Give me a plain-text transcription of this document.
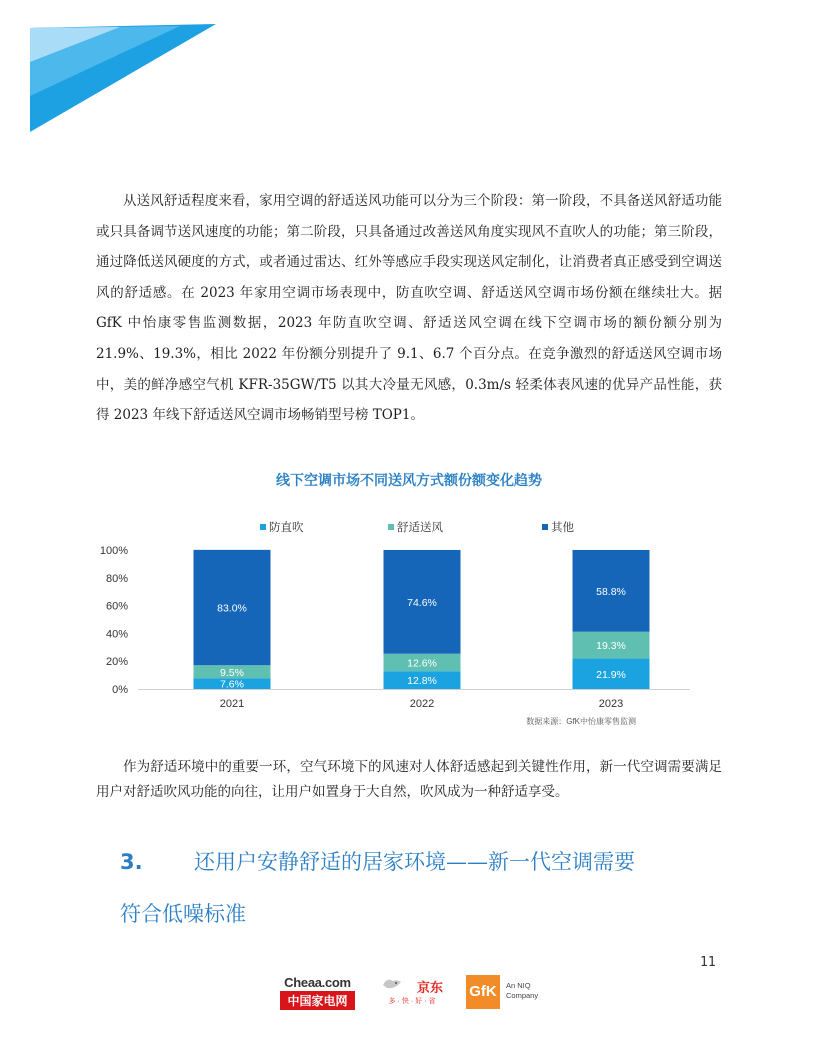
从送风舒适程度来看，家用空调的舒适送风功能可以分为三个阶段：第一阶段，不具备送风舒适功能或只具备调节送风速度的功能；第二阶段，只具备通过改善送风角度实现风不直吹人的功能；第三阶段，通过降低送风硬度的方式，或者通过雷达、红外等感应手段实现送风定制化，让消费者真正感受到空调送风的舒适感。在 2023 年家用空调市场表现中，防直吹空调、舒适送风空调市场份额在继续壮大。据 GfK 中怡康零售监测数据，2023 年防直吹空调、舒适送风空调在线下空调市场的额份额分别为 21.9%、19.3%，相比 2022 年份额分别提升了 9.1、6.7 个百分点。在竞争激烈的舒适送风空调市场中，美的鲜净感空气机 KFR-35GW/T5 以其大冷量无风感，0.3m/s 轻柔体表风速的优异产品性能，获得 2023 年线下舒适送风空调市场畅销型号榜 TOP1。

线下空调市场不同送风方式额份额变化趋势
防直吹	舒适送风	其他
0%
20%
40%
60%
80%
100%
7.6%
9.5%
83.0%
2021
12.8%
12.6%
74.6%
2022
21.9%
19.3%
58.8%
2023
数据来源：GfK中怡康零售监测

作为舒适环境中的重要一环，空气环境下的风速对人体舒适感起到关键性作用，新一代空调需要满足用户对舒适吹风功能的向往，让用户如置身于大自然，吹风成为一种舒适享受。

3. 还用户安静舒适的居家环境——新一代空调需要
符合低噪标准
11
Cheaa.com
中国家电网
京东
多·快·好·省
GfK	An NIQ
Company
